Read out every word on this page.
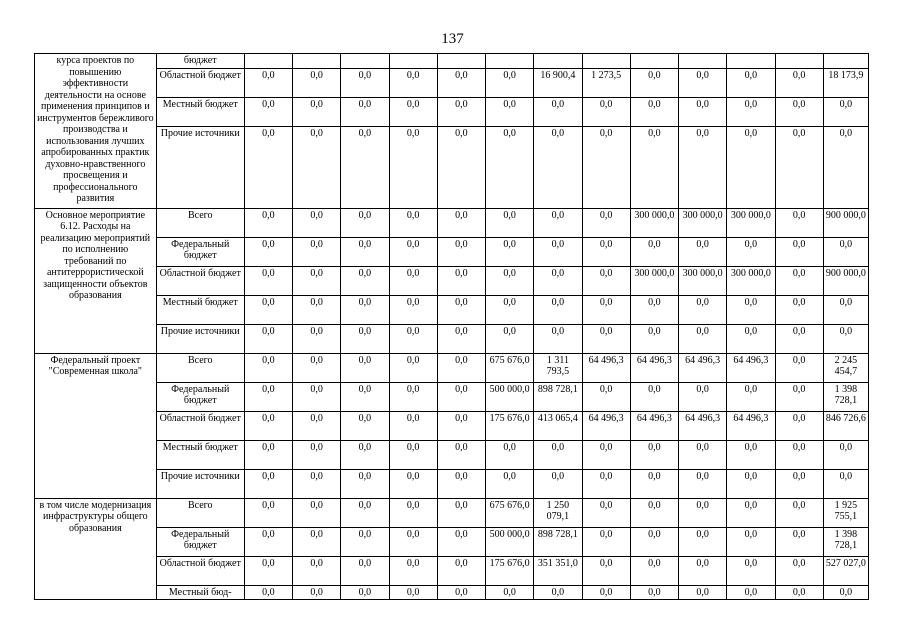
137
курса проектов по повышению эффективности деятельности на основе применения принципов и инструментов бережливого производства и использования лучших апробированных практик духовно-нравственного просвещения и профессионального развития	бюджет													
	Областной бюджет	0,0	0,0	0,0	0,0	0,0	0,0	16 900,4	1 273,5	0,0	0,0	0,0	0,0	18 173,9
	Местный бюджет	0,0	0,0	0,0	0,0	0,0	0,0	0,0	0,0	0,0	0,0	0,0	0,0	0,0
	Прочие источники	0,0	0,0	0,0	0,0	0,0	0,0	0,0	0,0	0,0	0,0	0,0	0,0	0,0
Основное мероприятие 6.12. Расходы на реализацию мероприятий по исполнению требований по антитеррористической защищенности объектов образования	Всего	0,0	0,0	0,0	0,0	0,0	0,0	0,0	0,0	300 000,0	300 000,0	300 000,0	0,0	900 000,0
	Федеральный бюджет	0,0	0,0	0,0	0,0	0,0	0,0	0,0	0,0	0,0	0,0	0,0	0,0	0,0
	Областной бюджет	0,0	0,0	0,0	0,0	0,0	0,0	0,0	0,0	300 000,0	300 000,0	300 000,0	0,0	900 000,0
	Местный бюджет	0,0	0,0	0,0	0,0	0,0	0,0	0,0	0,0	0,0	0,0	0,0	0,0	0,0
	Прочие источники	0,0	0,0	0,0	0,0	0,0	0,0	0,0	0,0	0,0	0,0	0,0	0,0	0,0
Федеральный проект "Современная школа"	Всего	0,0	0,0	0,0	0,0	0,0	675 676,0	1 311 793,5	64 496,3	64 496,3	64 496,3	64 496,3	0,0	2 245 454,7
	Федеральный бюджет	0,0	0,0	0,0	0,0	0,0	500 000,0	898 728,1	0,0	0,0	0,0	0,0	0,0	1 398 728,1
	Областной бюджет	0,0	0,0	0,0	0,0	0,0	175 676,0	413 065,4	64 496,3	64 496,3	64 496,3	64 496,3	0,0	846 726,6
	Местный бюджет	0,0	0,0	0,0	0,0	0,0	0,0	0,0	0,0	0,0	0,0	0,0	0,0	0,0
	Прочие источники	0,0	0,0	0,0	0,0	0,0	0,0	0,0	0,0	0,0	0,0	0,0	0,0	0,0
в том числе модернизация инфраструктуры общего образования	Всего	0,0	0,0	0,0	0,0	0,0	675 676,0	1 250 079,1	0,0	0,0	0,0	0,0	0,0	1 925 755,1
	Федеральный бюджет	0,0	0,0	0,0	0,0	0,0	500 000,0	898 728,1	0,0	0,0	0,0	0,0	0,0	1 398 728,1
	Областной бюджет	0,0	0,0	0,0	0,0	0,0	175 676,0	351 351,0	0,0	0,0	0,0	0,0	0,0	527 027,0
	Местный бюд-	0,0	0,0	0,0	0,0	0,0	0,0	0,0	0,0	0,0	0,0	0,0	0,0	0,0
